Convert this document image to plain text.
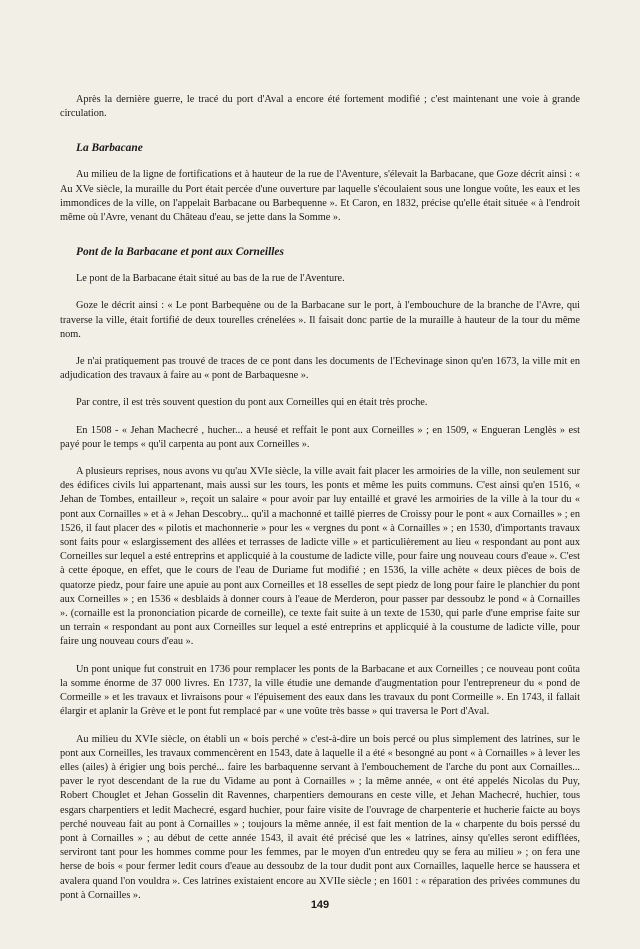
Après la dernière guerre, le tracé du port d'Aval a encore été fortement modifié ; c'est maintenant une voie à grande circulation.

La Barbacane

Au milieu de la ligne de fortifications et à hauteur de la rue de l'Aventure, s'élevait la Barbacane, que Goze décrit ainsi : « Au XVe siècle, la muraille du Port était percée d'une ouverture par laquelle s'écoulaient sous une longue voûte, les eaux et les immondices de la ville, on l'appelait Barbacane ou Barbequenne ». Et Caron, en 1832, précise qu'elle était située « à l'endroit même où l'Avre, venant du Château d'eau, se jette dans la Somme ».

Pont de la Barbacane et pont aux Corneilles

Le pont de la Barbacane était situé au bas de la rue de l'Aventure.

Goze le décrit ainsi : « Le pont Barbequène ou de la Barbacane sur le port, à l'embouchure de la branche de l'Avre, qui traverse la ville, était fortifié de deux tourelles crénelées ». Il faisait donc partie de la muraille à hauteur de la tour du même nom.

Je n'ai pratiquement pas trouvé de traces de ce pont dans les documents de l'Echevinage sinon qu'en 1673, la ville mit en adjudication des travaux à faire au « pont de Barbaquesne ».

Par contre, il est très souvent question du pont aux Corneilles qui en était très proche.

En 1508 - « Jehan Machecré , hucher... a heusé et reffait le pont aux Corneilles » ; en 1509, « Engueran Lenglès » est payé pour le temps « qu'il carpenta au pont aux Corneilles ».

A plusieurs reprises, nous avons vu qu'au XVIe siècle, la ville avait fait placer les armoiries de la ville, non seulement sur des édifices civils lui appartenant, mais aussi sur les tours, les ponts et même les puits communs. C'est ainsi qu'en 1516, « Jehan de Tombes, entailleur », reçoit un salaire « pour avoir par luy entaillé et gravé les armoiries de la ville à la tour du « pont aux Cornailles » et à « Jehan Descobry... qu'il a machonné et taillé pierres de Croissy pour le pont « aux Cornailles » ; en 1526, il faut placer des « pilotis et machonnerie » pour les « vergnes du pont « à Cornailles » ; en 1530, d'importants travaux sont faits pour « eslargissement des allées et terrasses de ladicte ville » et particulièrement au lieu « respondant au pont aux Corneilles sur lequel a esté entreprins et applicquié à la coustume de ladicte ville, pour faire ung nouveau cours d'eaue ». C'est à cette époque, en effet, que le cours de l'eau de Duriame fut modifié ; en 1536, la ville achète « deux pièces de bois de quatorze piedz, pour faire une apuie au pont aux Corneilles et 18 esselles de sept piedz de long pour faire le planchier du pont aux Corneilles » ; en 1536 « desblaids à donner cours à l'eaue de Merderon, pour passer par dessoubz le pond « à Cornailles ». (cornaille est la prononciation picarde de corneille), ce texte fait suite à un texte de 1530, qui parle d'une emprise faite sur un terrain « respondant au pont aux Corneilles sur lequel a esté entreprins et applicquié à la coustume de ladicte ville, pour faire ung nouveau cours d'eau ».

Un pont unique fut construit en 1736 pour remplacer les ponts de la Barbacane et aux Corneilles ; ce nouveau pont coûta la somme énorme de 37 000 livres. En 1737, la ville étudie une demande d'augmentation pour l'entrepreneur du « pond de Cormeille » et les travaux et livraisons pour « l'épuisement des eaux dans les travaux du pont Cormeille ». En 1743, il fallait élargir et aplanir la Grève et le pont fut remplacé par « une voûte très basse » qui traversa le Port d'Aval.

Au milieu du XVIe siècle, on établi un « bois perché » c'est-à-dire un bois percé ou plus simplement des latrines, sur le pont aux Corneilles, les travaux commencèrent en 1543, date à laquelle il a été « besongné au pont « à Cornailles » à lever les elles (ailes) à érigier ung bois perché... faire les barbaquenne servant à l'embouchement de l'arche du pont aux Cornailles... paver le ryot descendant de la rue du Vidame au pont à Cornailles » ; la même année, « ont été appelés Nicolas du Puy, Robert Chouglet et Jehan Gosselin dit Ravennes, charpentiers demourans en ceste ville, et Jehan Machecré, huchier, tous esgars charpentiers et ledit Machecré, esgard huchier, pour faire visite de l'ouvrage de charpenterie et hucherie faicte au boys perché nouveau fait au pont à Cornailles » ; toujours la même année, il est fait mention de la « charpente du bois perssé du pont à Cornailles » ; au début de cette année 1543, il avait été précisé que les « latrines, ainsy qu'elles seront edifflées, serviront tant pour les hommes comme pour les femmes, par le moyen d'un entredeu quy se fera au milieu » ; on fera une herse de bois « pour fermer ledit cours d'eaue au dessoubz de la tour dudit pont aux Cornailles, laquelle herce se haussera et avalera quand l'on vouldra ». Ces latrines existaient encore au XVIIe siècle ; en 1601 : « réparation des privées communes du pont à Cornailles ».

149
